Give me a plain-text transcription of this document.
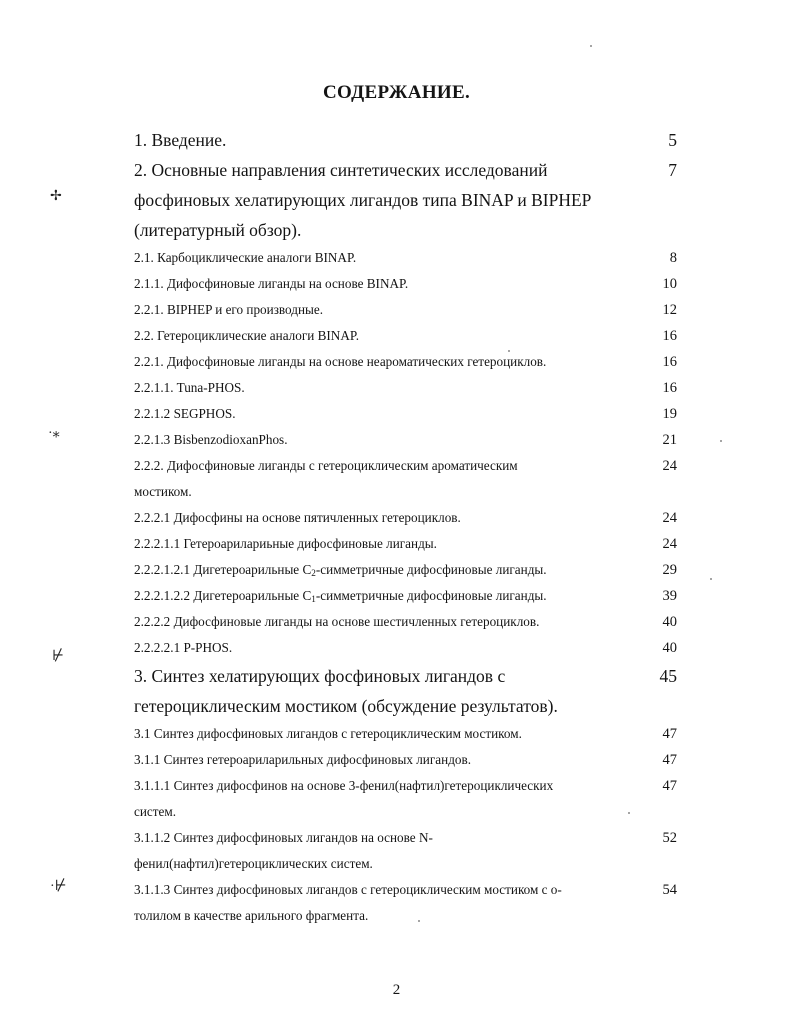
СОДЕРЖАНИЕ.
1. Введение.	5
2. Основные направления синтетических исследований	7
фосфиновых хелатирующих лигандов типа BINAP и BIPHEP
(литературный обзор).
2.1. Карбоциклические аналоги BINAP.	8
2.1.1. Дифосфиновые лиганды на основе BINAP.	10
2.2.1. BIPHEP и его производные.	12
2.2. Гетероциклические аналоги BINAP.	16
2.2.1. Дифосфиновые лиганды на основе неароматических гетероциклов.	16
2.2.1.1. Tuna-PHOS.	16
2.2.1.2 SEGPHOS.	19
2.2.1.3 BisbenzodioxanPhos.	21
2.2.2. Дифосфиновые лиганды с гетероциклическим ароматическим	24
мостиком.
2.2.2.1 Дифосфины на основе пятичленных гетероциклов.	24
2.2.2.1.1 Гетероарилариьные дифосфиновые лиганды.	24
2.2.2.1.2.1 Дигетероарильные $C_2$-симметричные дифосфиновые лиганды.	29
2.2.2.1.2.2 Дигетероарильные $C_1$-симметричные дифосфиновые лиганды.	39
2.2.2.2 Дифосфиновые лиганды на основе шестичленных гетероциклов.	40
2.2.2.2.1 P-PHOS.	40
3. Синтез хелатирующих фосфиновых лигандов с	45
гетероциклическим мостиком (обсуждение результатов).
3.1 Синтез дифосфиновых лигандов с гетероциклическим мостиком.	47
3.1.1 Синтез гетероариларильных дифосфиновых лигандов.	47
3.1.1.1 Синтез дифосфинов на основе 3-фенил(нафтил)гетероциклических	47
систем.
3.1.1.2 Синтез дифосфиновых лигандов на основе N-	52
фенил(нафтил)гетероциклических систем.
3.1.1.3 Синтез дифосфиновых лигандов с гетероциклическим мостиком с о-	54
толилом в качестве арильного фрагмента.
2
✢
·⁎
⊬
·⊬
